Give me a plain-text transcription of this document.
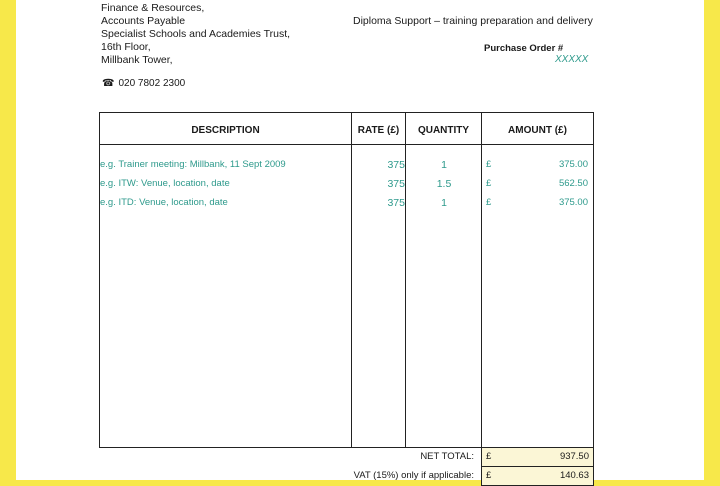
Finance & Resources,
Accounts Payable
Specialist Schools and Academies Trust,
16th Floor,
Millbank Tower,
☎ 020 7802 2300
Diploma Support – training preparation and delivery
Purchase Order #
XXXXX
DESCRIPTION	RATE (£)	QUANTITY	AMOUNT (£)
e.g. Trainer meeting: Millbank, 11 Sept 2009	375	1	£	375.00
e.g. ITW: Venue, location, date	375	1.5	£	562.50
e.g. ITD: Venue, location, date	375	1	£	375.00
NET TOTAL: £	937.50
VAT (15%) only if applicable: £	140.63
